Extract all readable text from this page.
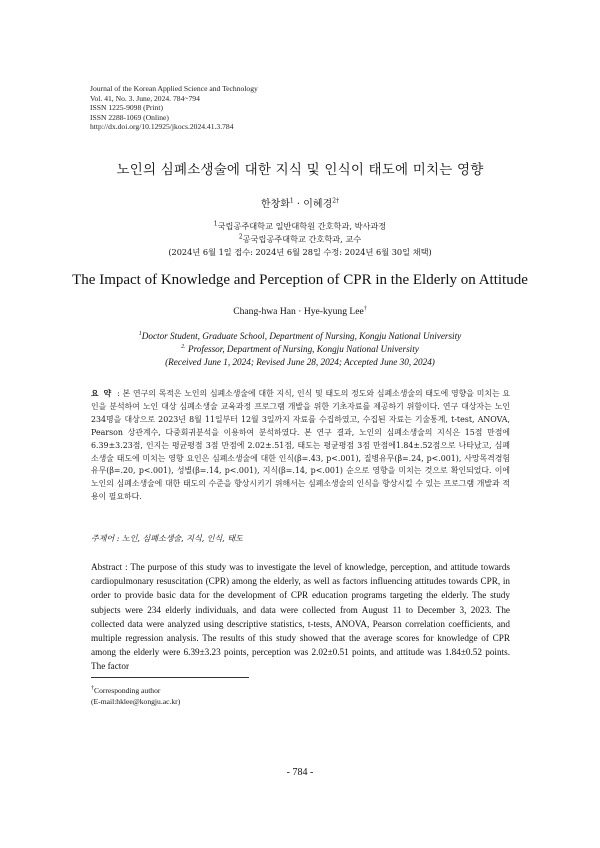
Journal of the Korean Applied Science and Technology
Vol. 41, No. 3. June, 2024. 784~794
ISSN 1225-9098 (Print)
ISSN 2288-1069 (Online)
http://dx.doi.org/10.12925/jkocs.2024.41.3.784
노인의 심폐소생술에 대한 지식 및 인식이 태도에 미치는 영향
한창화$^1$ · 이혜경$^{2\dagger}$
$^1$국립공주대학교 일반대학원 간호학과, 박사과정
$^2$공국립공주대학교 간호학과, 교수
(2024년 6월 1일 접수: 2024년 6월 28일 수정: 2024년 6월 30일 채택)
The Impact of Knowledge and Perception of CPR in the Elderly on Attitude
Chang-hwa Han · Hye-kyung Lee†
$^1$Doctor Student, Graduate School, Department of Nursing, Kongju National University
$^{2.}$ Professor, Department of Nursing, Kongju National University
(Received June 1, 2024; Revised June 28, 2024; Accepted June 30, 2024)
요 약 : 본 연구의 목적은 노인의 심폐소생술에 대한 지식, 인식 및 태도의 정도와 심폐소생술의 태도에 영향을 미치는 요인을 분석하여 노인 대상 심폐소생술 교육과정 프로그램 개발을 위한 기초자료를 제공하기 위함이다. 연구 대상자는 노인 234명을 대상으로 2023년 8월 11일부터 12월 3일까지 자료를 수집하였고, 수집된 자료는 기술통계, t-test, ANOVA, Pearson 상관계수, 다중회귀분석을 이용하여 분석하였다. 본 연구 결과, 노인의 심폐소생술의 지식은 15점 만점에 6.39±3.23점, 인지는 평균평점 3점 만점에 2.02±.51점, 태도는 평균평점 3점 만점에1.84±.52점으로 나타났고, 심폐소생술 태도에 미치는 영향 요인은 심폐소생술에 대한 인식(β=.43, p<.001), 질병유무(β=.24, p<.001), 사망목격경험 유무(β=.20, p<.001), 성별(β=.14, p<.001), 지식(β=.14, p<.001) 순으로 영향을 미치는 것으로 확인되었다. 이에 노인의 심폐소생술에 대한 태도의 수준을 향상시키기 위해서는 심폐소생술의 인식을 향상시킬 수 있는 프로그램 개발과 적용이 필요하다.
주제어 : 노인, 심폐소생술, 지식, 인식, 태도
Abstract : The purpose of this study was to investigate the level of knowledge, perception, and attitude towards cardiopulmonary resuscitation (CPR) among the elderly, as well as factors influencing attitudes towards CPR, in order to provide basic data for the development of CPR education programs targeting the elderly. The study subjects were 234 elderly individuals, and data were collected from August 11 to December 3, 2023. The collected data were analyzed using descriptive statistics, t-tests, ANOVA, Pearson correlation coefficients, and multiple regression analysis. The results of this study showed that the average scores for knowledge of CPR among the elderly were 6.39±3.23 points, perception was 2.02±0.51 points, and attitude was 1.84±0.52 points. The factor
†Corresponding author
(E-mail:hklee@kongju.ac.kr)
- 784 -
